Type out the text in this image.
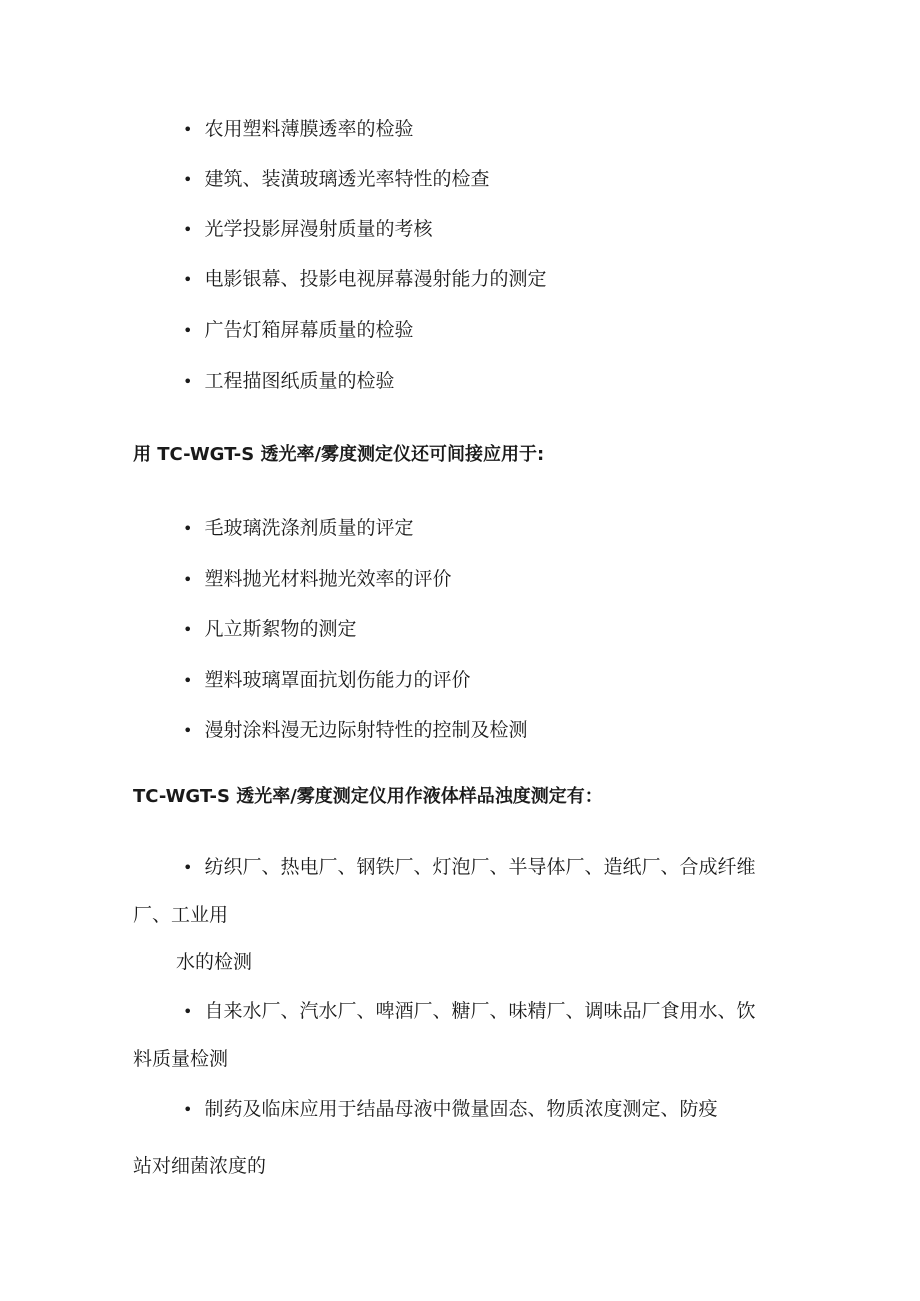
• 农用塑料薄膜透率的检验
• 建筑、装潢玻璃透光率特性的检查
• 光学投影屏漫射质量的考核
• 电影银幕、投影电视屏幕漫射能力的测定
• 广告灯箱屏幕质量的检验
• 工程描图纸质量的检验
用 TC-WGT-S 透光率/雾度测定仪还可间接应用于:
• 毛玻璃洗涤剂质量的评定
• 塑料抛光材料抛光效率的评价
• 凡立斯絮物的测定
• 塑料玻璃罩面抗划伤能力的评价
• 漫射涂料漫无边际射特性的控制及检测
TC-WGT-S 透光率/雾度测定仪用作液体样品浊度测定有：
• 纺织厂、热电厂、钢铁厂、灯泡厂、半导体厂、造纸厂、合成纤维
厂、工业用
水的检测
• 自来水厂、汽水厂、啤酒厂、糖厂、味精厂、调味品厂食用水、饮
料质量检测
• 制药及临床应用于结晶母液中微量固态、物质浓度测定、防疫
站对细菌浓度的
